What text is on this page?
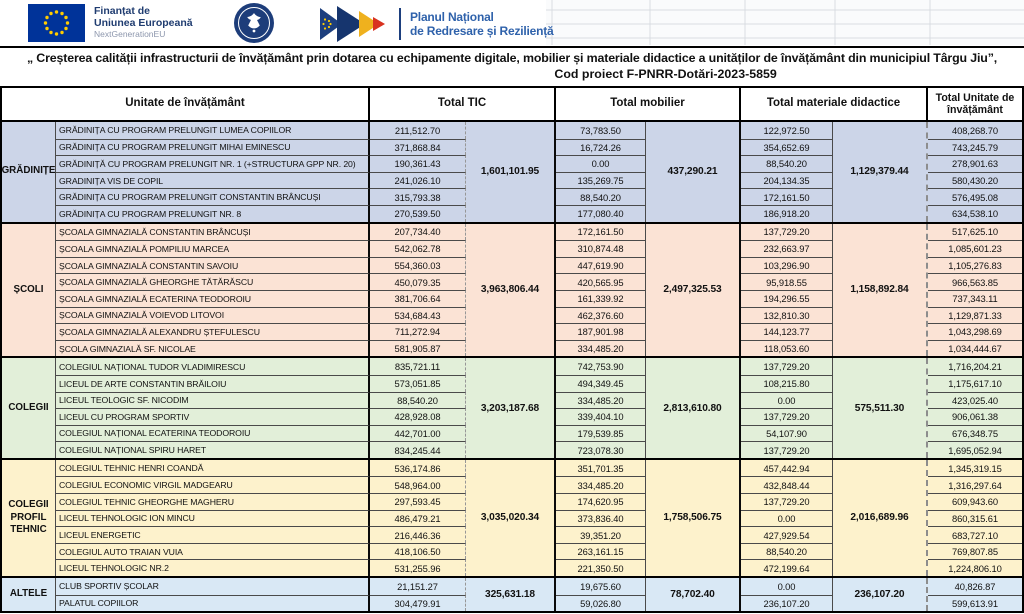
Finanțat de
Uniunea Europeană
NextGenerationEU
Planul Național
de Redresare și Reziliență
„ Creșterea calității infrastructurii de învățământ prin dotarea cu echipamente digitale, mobilier și materiale didactice a unităților de învățământ din municipiul Târgu Jiu”,
Cod proiect F-PNRR-Dotări-2023-5859
Unitate de învățământ	Total TIC	Total mobilier	Total materiale didactice	Total Unitate de învățământ
GRĂDINIȚE
GRĂDINIȚA CU PROGRAM PRELUNGIT LUMEA COPIILOR	211,512.70	73,783.50	122,972.50	408,268.70
GRĂDINIȚA CU PROGRAM PRELUNGIT MIHAI EMINESCU	371,868.84	16,724.26	354,652.69	743,245.79
GRĂDINIȚĂ CU PROGRAM PRELUNGIT NR. 1 (+STRUCTURA GPP NR. 20)	190,361.43	0.00	88,540.20	278,901.63
GRADINIȚA VIS DE COPIL	241,026.10	135,269.75	204,134.35	580,430.20
GRĂDINIȚA CU PROGRAM PRELUNGIT CONSTANTIN BRÂNCUȘI	315,793.38	88,540.20	172,161.50	576,495.08
GRĂDINIȚA CU PROGRAM PRELUNGIT NR. 8	270,539.50	177,080.40	186,918.20	634,538.10
1,601,101.95	437,290.21	1,129,379.44
ȘCOLI
ȘCOALA GIMNAZIALĂ CONSTANTIN BRÂNCUȘI	207,734.40	172,161.50	137,729.20	517,625.10
ȘCOALA GIMNAZIALĂ POMPILIU MARCEA	542,062.78	310,874.48	232,663.97	1,085,601.23
ȘCOALA GIMNAZIALĂ CONSTANTIN SAVOIU	554,360.03	447,619.90	103,296.90	1,105,276.83
ȘCOALA GIMNAZIALĂ GHEORGHE TĂTĂRĂSCU	450,079.35	420,565.95	95,918.55	966,563.85
ȘCOALA GIMNAZIALĂ ECATERINA TEODOROIU	381,706.64	161,339.92	194,296.55	737,343.11
ȘCOALA GIMNAZIALĂ VOIEVOD LITOVOI	534,684.43	462,376.60	132,810.30	1,129,871.33
ȘCOALA GIMNAZIALĂ ALEXANDRU ȘTEFULESCU	711,272.94	187,901.98	144,123.77	1,043,298.69
ȘCOLA GIMNAZIALĂ SF. NICOLAE	581,905.87	334,485.20	118,053.60	1,034,444.67
3,963,806.44	2,497,325.53	1,158,892.84
COLEGII
COLEGIUL NAȚIONAL TUDOR VLADIMIRESCU	835,721.11	742,753.90	137,729.20	1,716,204.21
LICEUL DE ARTE CONSTANTIN BRĂILOIU	573,051.85	494,349.45	108,215.80	1,175,617.10
LICEUL TEOLOGIC SF. NICODIM	88,540.20	334,485.20	0.00	423,025.40
LICEUL CU PROGRAM SPORTIV	428,928.08	339,404.10	137,729.20	906,061.38
COLEGIUL NAȚIONAL ECATERINA TEODOROIU	442,701.00	179,539.85	54,107.90	676,348.75
COLEGIUL NAȚIONAL SPIRU HARET	834,245.44	723,078.30	137,729.20	1,695,052.94
3,203,187.68	2,813,610.80	575,511.30
COLEGII PROFIL TEHNIC
COLEGIUL TEHNIC HENRI COANDĂ	536,174.86	351,701.35	457,442.94	1,345,319.15
COLEGIUL ECONOMIC VIRGIL MADGEARU	548,964.00	334,485.20	432,848.44	1,316,297.64
COLEGIUL TEHNIC GHEORGHE MAGHERU	297,593.45	174,620.95	137,729.20	609,943.60
LICEUL TEHNOLOGIC ION MINCU	486,479.21	373,836.40	0.00	860,315.61
LICEUL ENERGETIC	216,446.36	39,351.20	427,929.54	683,727.10
COLEGIUL AUTO TRAIAN VUIA	418,106.50	263,161.15	88,540.20	769,807.85
LICEUL TEHNOLOGIC NR.2	531,255.96	221,350.50	472,199.64	1,224,806.10
3,035,020.34	1,758,506.75	2,016,689.96
ALTELE
CLUB SPORTIV ȘCOLAR	21,151.27	19,675.60	0.00	40,826.87
PALATUL COPIILOR	304,479.91	59,026.80	236,107.20	599,613.91
325,631.18	78,702.40	236,107.20
